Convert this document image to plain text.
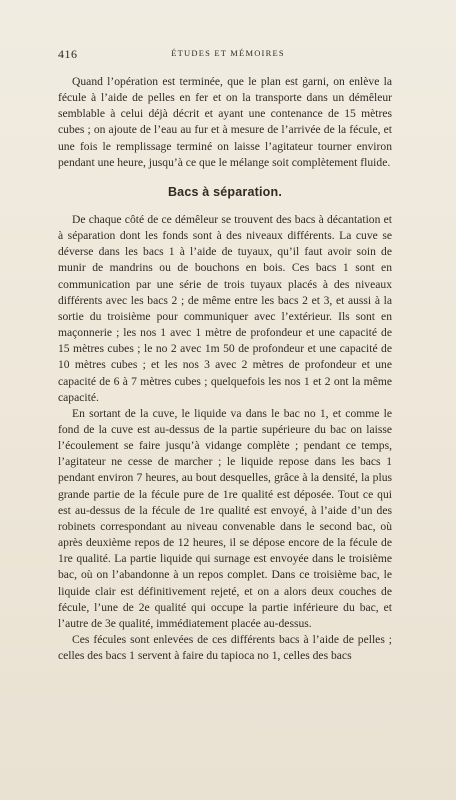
416	ÉTUDES ET MÉMOIRES

Quand l’opération est terminée, que le plan est garni, on enlève la fécule à l’aide de pelles en fer et on la transporte dans un démêleur semblable à celui déjà décrit et ayant une contenance de 15 mètres cubes ; on ajoute de l’eau au fur et à mesure de l’arrivée de la fécule, et une fois le remplissage terminé on laisse l’agitateur tourner environ pendant une heure, jusqu’à ce que le mélange soit complètement fluide.

Bacs à séparation.

De chaque côté de ce démêleur se trouvent des bacs à décantation et à séparation dont les fonds sont à des niveaux différents. La cuve se déverse dans les bacs 1 à l’aide de tuyaux, qu’il faut avoir soin de munir de mandrins ou de bouchons en bois. Ces bacs 1 sont en communication par une série de trois tuyaux placés à des niveaux différents avec les bacs 2 ; de même entre les bacs 2 et 3, et aussi à la sortie du troisième pour communiquer avec l’extérieur. Ils sont en maçonnerie ; les nos 1 avec 1 mètre de profondeur et une capacité de 15 mètres cubes ; le no 2 avec 1m 50 de profondeur et une capacité de 10 mètres cubes ; et les nos 3 avec 2 mètres de profondeur et une capacité de 6 à 7 mètres cubes ; quelquefois les nos 1 et 2 ont la même capacité.

En sortant de la cuve, le liquide va dans le bac no 1, et comme le fond de la cuve est au-dessus de la partie supérieure du bac on laisse l’écoulement se faire jusqu’à vidange complète ; pendant ce temps, l’agitateur ne cesse de marcher ; le liquide repose dans les bacs 1 pendant environ 7 heures, au bout desquelles, grâce à la densité, la plus grande partie de la fécule pure de 1re qualité est déposée. Tout ce qui est au-dessus de la fécule de 1re qualité est envoyé, à l’aide d’un des robinets correspondant au niveau convenable dans le second bac, où après deuxième repos de 12 heures, il se dépose encore de la fécule de 1re qualité. La partie liquide qui surnage est envoyée dans le troisième bac, où on l’abandonne à un repos complet. Dans ce troisième bac, le liquide clair est définitivement rejeté, et on a alors deux couches de fécule, l’une de 2e qualité qui occupe la partie inférieure du bac, et l’autre de 3e qualité, immédiatement placée au-dessus.

Ces fécules sont enlevées de ces différents bacs à l’aide de pelles ; celles des bacs 1 servent à faire du tapioca no 1, celles des bacs
